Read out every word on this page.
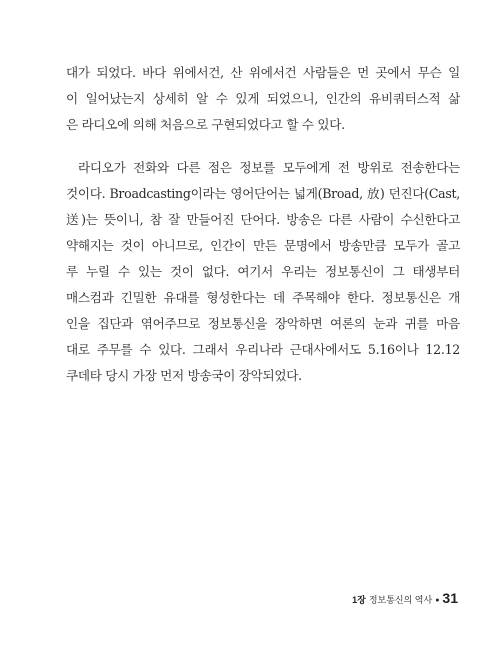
대가 되었다. 바다 위에서건, 산 위에서건 사람들은 먼 곳에서 무슨 일
이 일어났는지 상세히 알 수 있게 되었으니, 인간의 유비쿼터스적 삶
은 라디오에 의해 처음으로 구현되었다고 할 수 있다.
라디오가 전화와 다른 점은 정보를 모두에게 전 방위로 전송한다는
것이다. Broadcasting이라는 영어단어는 넓게(Broad, 放) 던진다(Cast,
送)는 뜻이니, 참 잘 만들어진 단어다. 방송은 다른 사람이 수신한다고
약해지는 것이 아니므로, 인간이 만든 문명에서 방송만큼 모두가 골고
루 누릴 수 있는 것이 없다. 여기서 우리는 정보통신이 그 태생부터
매스컴과 긴밀한 유대를 형성한다는 데 주목해야 한다. 정보통신은 개
인을 집단과 엮어주므로 정보통신을 장악하면 여론의 눈과 귀를 마음
대로 주무를 수 있다. 그래서 우리나라 근대사에서도 5.16이나 12.12
쿠데타 당시 가장 먼저 방송국이 장악되었다.
1장 정보통신의 역사 ● 31
